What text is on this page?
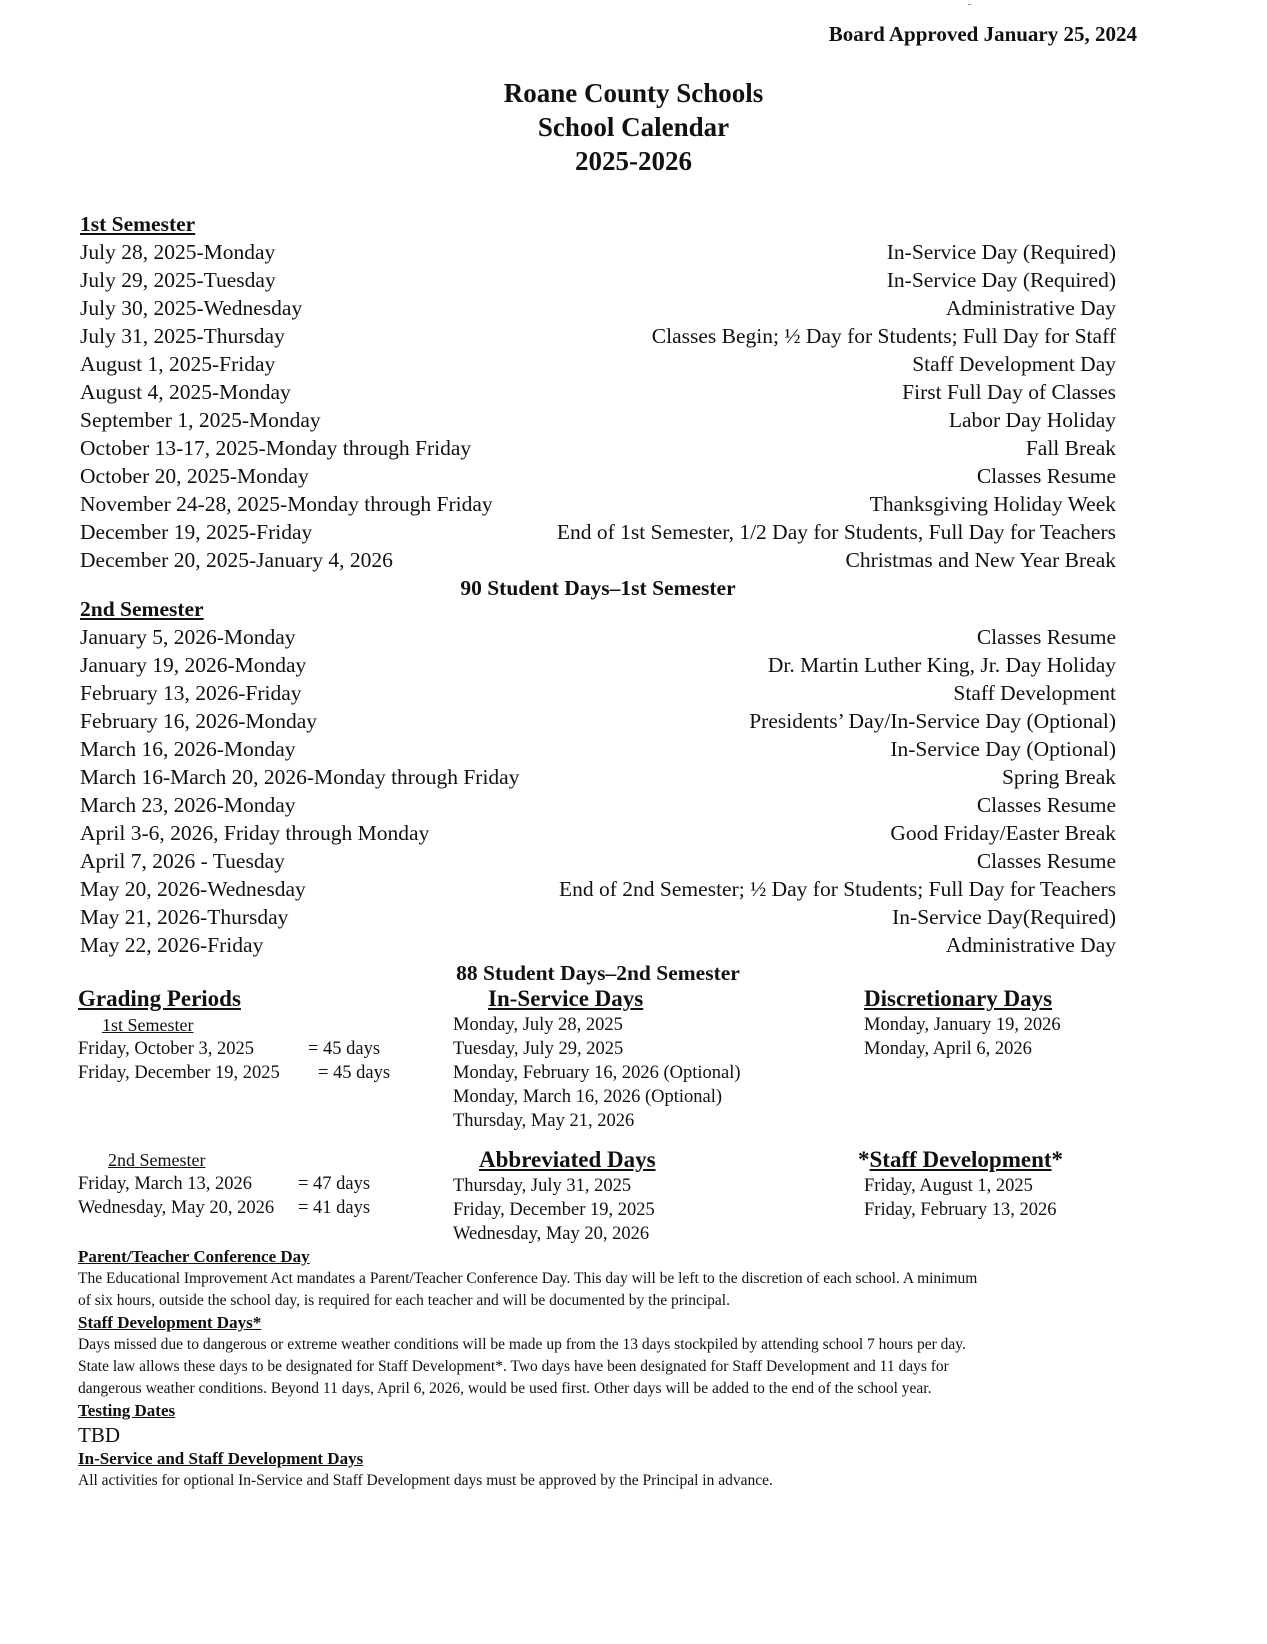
Board Approved January 25, 2024
Roane County Schools
School Calendar
2025-2026
1st Semester
July 28, 2025-Monday	In-Service Day (Required)
July 29, 2025-Tuesday	In-Service Day (Required)
July 30, 2025-Wednesday	Administrative Day
July 31, 2025-Thursday	Classes Begin; ½ Day for Students; Full Day for Staff
August 1, 2025-Friday	Staff Development Day
August 4, 2025-Monday	First Full Day of Classes
September 1, 2025-Monday	Labor Day Holiday
October 13-17, 2025-Monday through Friday	Fall Break
October 20, 2025-Monday	Classes Resume
November 24-28, 2025-Monday through Friday	Thanksgiving Holiday Week
December 19, 2025-Friday	End of 1st Semester, 1/2 Day for Students, Full Day for Teachers
December 20, 2025-January 4, 2026	Christmas and New Year Break
90 Student Days–1st Semester
2nd Semester
January 5, 2026-Monday	Classes Resume
January 19, 2026-Monday	Dr. Martin Luther King, Jr. Day Holiday
February 13, 2026-Friday	Staff Development
February 16, 2026-Monday	Presidents’ Day/In-Service Day (Optional)
March 16, 2026-Monday	In-Service Day (Optional)
March 16-March 20, 2026-Monday through Friday	Spring Break
March 23, 2026-Monday	Classes Resume
April 3-6, 2026, Friday through Monday	Good Friday/Easter Break
April 7, 2026 - Tuesday	Classes Resume
May 20, 2026-Wednesday	End of 2nd Semester; ½ Day for Students; Full Day for Teachers
May 21, 2026-Thursday	In-Service Day(Required)
May 22, 2026-Friday	Administrative Day
88 Student Days–2nd Semester
Grading Periods
1st Semester
Friday, October 3, 2025	= 45 days
Friday, December 19, 2025	= 45 days
2nd Semester
Friday, March 13, 2026	= 47 days
Wednesday, May 20, 2026	= 41 days
In-Service Days
Monday, July 28, 2025
Tuesday, July 29, 2025
Monday, February 16, 2026 (Optional)
Monday, March 16, 2026 (Optional)
Thursday, May 21, 2026
Abbreviated Days
Thursday, July 31, 2025
Friday, December 19, 2025
Wednesday, May 20, 2026
Discretionary Days
Monday, January 19, 2026
Monday, April 6, 2026
*Staff Development*
Friday, August 1, 2025
Friday, February 13, 2026
Parent/Teacher Conference Day
The Educational Improvement Act mandates a Parent/Teacher Conference Day. This day will be left to the discretion of each school. A minimum
of six hours, outside the school day, is required for each teacher and will be documented by the principal.
Staff Development Days*
Days missed due to dangerous or extreme weather conditions will be made up from the 13 days stockpiled by attending school 7 hours per day.
State law allows these days to be designated for Staff Development*. Two days have been designated for Staff Development and 11 days for
dangerous weather conditions. Beyond 11 days, April 6, 2026, would be used first. Other days will be added to the end of the school year.
Testing Dates
TBD
In-Service and Staff Development Days
All activities for optional In-Service and Staff Development days must be approved by the Principal in advance.
